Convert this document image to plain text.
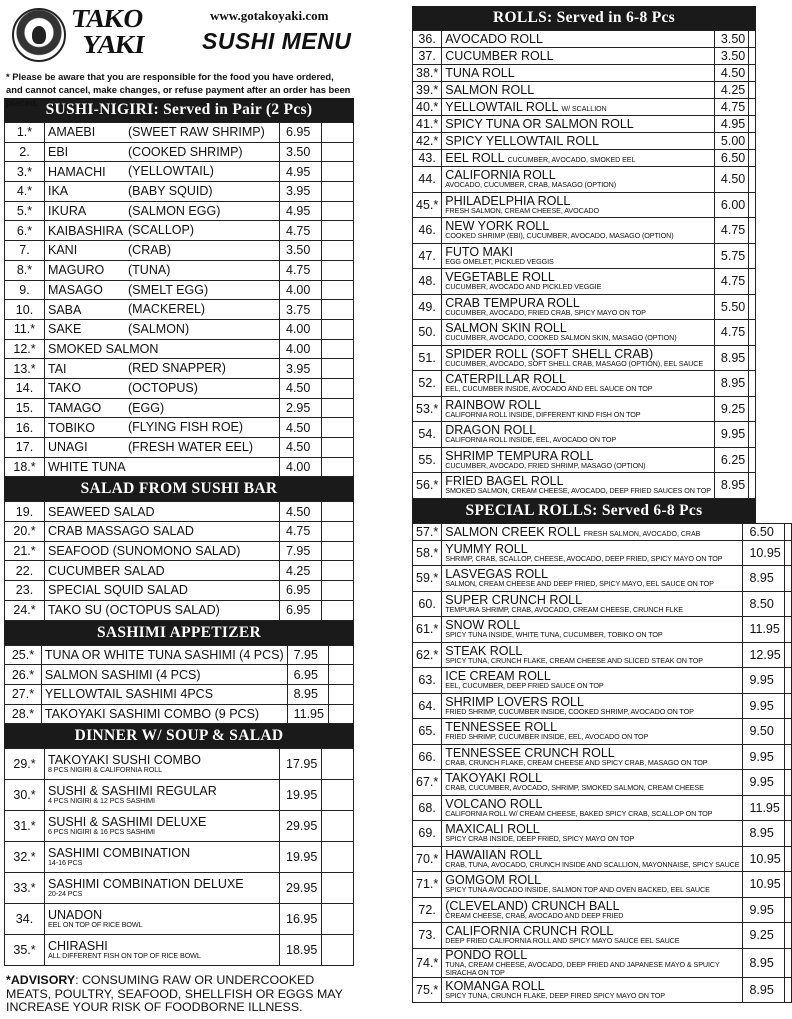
TAKO
YAKI
www.gotakoyaki.com
SUSHI MENU
* Please be aware that you are responsible for the food you have ordered, and cannot cancel, make changes, or refuse payment after an order has been placed. SUSHI-NIGIRI: Served in Pair (2 Pcs)
1.*	AMAEBI (SWEET RAW SHRIMP)	6.95	
2.	EBI (COOKED SHRIMP)	3.50	
3.*	HAMACHI (YELLOWTAIL)	4.95	
4.*	IKA (BABY SQUID)	3.95	
5.*	IKURA (SALMON EGG)	4.95	
6.*	KAIBASHIRA (SCALLOP)	4.75	
7.	KANI (CRAB)	3.50	
8.*	MAGURO (TUNA)	4.75	
9.	MASAGO (SMELT EGG)	4.00	
10.	SABA (MACKEREL)	3.75	
11.*	SAKE (SALMON)	4.00	
12.*	SMOKED SALMON	4.00	
13.*	TAI (RED SNAPPER)	3.95	
14.	TAKO (OCTOPUS)	4.50	
15.	TAMAGO (EGG)	2.95	
16.	TOBIKO (FLYING FISH ROE)	4.50	
17.	UNAGI (FRESH WATER EEL)	4.50	
18.*	WHITE TUNA	4.00	
SALAD FROM SUSHI BAR
19.	SEAWEED SALAD	4.50	
20.*	CRAB MASSAGO SALAD	4.75	
21.*	SEAFOOD (SUNOMONO SALAD)	7.95	
22.	CUCUMBER SALAD	4.25	
23.	SPECIAL SQUID SALAD	6.95	
24.*	TAKO SU (OCTOPUS SALAD)	6.95	
SASHIMI APPETIZER
25.*	TUNA OR WHITE TUNA SASHIMI (4 PCS)	7.95	
26.*	SALMON SASHIMI (4 PCS)	6.95	
27.*	YELLOWTAIL SASHIMI 4PCS	8.95	
28.*	TAKOYAKI SASHIMI COMBO (9 PCS)	11.95	
DINNER W/ SOUP & SALAD
29.*	TAKOYAKI SUSHI COMBO
8 PCS NIGIRI & CALIFORNIA ROLL	17.95	
30.*	SUSHI & SASHIMI REGULAR
4 PCS NIGIRI & 12 PCS SASHIMI	19.95	
31.*	SUSHI & SASHIMI DELUXE
6 PCS NIGIRI & 16 PCS SASHIMI	29.95	
32.*	SASHIMI COMBINATION
14-16 PCS	19.95	
33.*	SASHIMI COMBINATION DELUXE
20-24 PCS	29.95	
34.	UNADON
EEL ON TOP OF RICE BOWL	16.95	
35.*	CHIRASHI
ALL DIFFERENT FISH ON TOP OF RICE BOWL	18.95	
*ADVISORY: CONSUMING RAW OR UNDERCOOKED MEATS, POULTRY, SEAFOOD, SHELLFISH OR EGGS MAY INCREASE YOUR RISK OF FOODBORNE ILLNESS.
ROLLS: Served in 6-8 Pcs
36.	AVOCADO ROLL	3.50	
37.	CUCUMBER ROLL	3.50	
38.*	TUNA ROLL	4.50	
39.*	SALMON ROLL	4.25	
40.*	YELLOWTAIL ROLL W/ SCALLION	4.75	
41.*	SPICY TUNA OR SALMON ROLL	4.95	
42.*	SPICY YELLOWTAIL ROLL	5.00	
43.	EEL ROLL CUCUMBER, AVOCADO, SMOKED EEL	6.50	
44.	CALIFORNIA ROLL
AVOCADO, CUCUMBER, CRAB, MASAGO (OPTION)	4.50	
45.*	PHILADELPHIA ROLL
FRESH SALMON, CREAM CHEESE, AVOCADO	6.00	
46.	NEW YORK ROLL
COOKED SHRIMP (EBI), CUCUMBER, AVOCADO, MASAGO (OPTION)	4.75	
47.	FUTO MAKI
EGG OMELET, PICKLED VEGGIS	5.75	
48.	VEGETABLE ROLL
CUCUMBER, AVOCADO AND PICKLED VEGGIE	4.75	
49.	CRAB TEMPURA ROLL
CUCUMBER, AVOCADO, FRIED CRAB, SPICY MAYO ON TOP	5.50	
50.	SALMON SKIN ROLL
CUCUMBER, AVOCADO, COOKED SALMON SKIN, MASAGO (OPTION)	4.75	
51.	SPIDER ROLL (SOFT SHELL CRAB)
CUCUMBER, AVOCADO, SOFT SHELL CRAB, MASAGO (OPTION), EEL SAUCE	8.95	
52.	CATERPILLAR ROLL
EEL, CUCUMBER INSIDE, AVOCADO AND EEL SAUCE ON TOP	8.95	
53.*	RAINBOW ROLL
CALIFORNIA ROLL INSIDE, DIFFERENT KIND FISH ON TOP	9.25	
54.	DRAGON ROLL
CALIFORNIA ROLL INSIDE, EEL, AVOCADO ON TOP	9.95	
55.	SHRIMP TEMPURA ROLL
CUCUMBER, AVOCADO, FRIED SHRIMP, MASAGO (OPTION)	6.25	
56.*	FRIED BAGEL ROLL
SMOKED SALMON, CREAM CHEESE, AVOCADO, DEEP FRIED SAUCES ON TOP	8.95	
SPECIAL ROLLS: Served 6-8 Pcs
57.*	SALMON CREEK ROLL FRESH SALMON, AVOCADO, CRAB	6.50	
58.*	YUMMY ROLL
SHRIMP, CRAB, SCALLOP, CHEESE, AVOCADO, DEEP FRIED, SPICY MAYO ON TOP	10.95	
59.*	LASVEGAS ROLL
SALMON, CREAM CHEESE AND DEEP FRIED, SPICY MAYO, EEL SAUCE ON TOP	8.95	
60.	SUPER CRUNCH ROLL
TEMPURA SHRIMP, CRAB, AVOCADO, CREAM CHEESE, CRUNCH FLKE	8.50	
61.*	SNOW ROLL
SPICY TUNA INSIDE, WHITE TUNA, CUCUMBER, TOBIKO ON TOP	11.95	
62.*	STEAK ROLL
SPICY TUNA, CRUNCH FLAKE, CREAM CHEESE AND SLICED STEAK ON TOP	12.95	
63.	ICE CREAM ROLL
EEL, CUCUMBER, DEEP FRIED SAUCE ON TOP	9.95	
64.	SHRIMP LOVERS ROLL
FRIED SHRIMP, CUCUMBER INSIDE, COOKED SHRIMP, AVOCADO ON TOP	9.95	
65.	TENNESSEE ROLL
FRIED SHRIMP, CUCUMBER INSIDE, EEL, AVOCADO ON TOP	9.50	
66.	TENNESSEE CRUNCH ROLL
CRAB, CRUNCH FLAKE, CREAM CHEESE AND SPICY CRAB, MASAGO ON TOP	9.95	
67.*	TAKOYAKI ROLL
CRAB, CUCUMBER, AVOCADO, SHRIMP, SMOKED SALMON, CREAM CHEESE	9.95	
68.	VOLCANO ROLL
CALIFORNIA ROLL W/ CREAM CHEESE, BAKED SPICY CRAB, SCALLOP ON TOP	11.95	
69.	MAXICALI ROLL
SPICY CRAB INSIDE, DEEP FRIED, SPICY MAYO ON TOP	8.95	
70.*	HAWAIIAN ROLL
CRAB, TUNA, AVOCADO, CRUNCH INSIDE AND SCALLION, MAYONNAISE, SPICY SAUCE	10.95	
71.*	GOMGOM ROLL
SPICY TUNA AVOCADO INSIDE, SALMON TOP AND OVEN BACKED, EEL SAUCE	10.95	
72.	(CLEVELAND) CRUNCH BALL
CREAM CHEESE, CRAB, AVOCADO AND DEEP FRIED	9.95	
73.	CALIFORNIA CRUNCH ROLL
DEEP FRIED CALIFORNIA ROLL AND SPICY MAYO SAUCE EEL SAUCE	9.25	
74.*	PONDO ROLL
TUNA, CREAM CHEESE, AVOCADO, DEEP FRIED AND JAPANESE MAYO & SPUICY
SIRACHA ON TOP	8.95	
75.*	KOMANGA ROLL
SPICY TUNA, CRUNCH FLAKE, DEEP FIRED SPICY MAYO ON TOP	8.95	
